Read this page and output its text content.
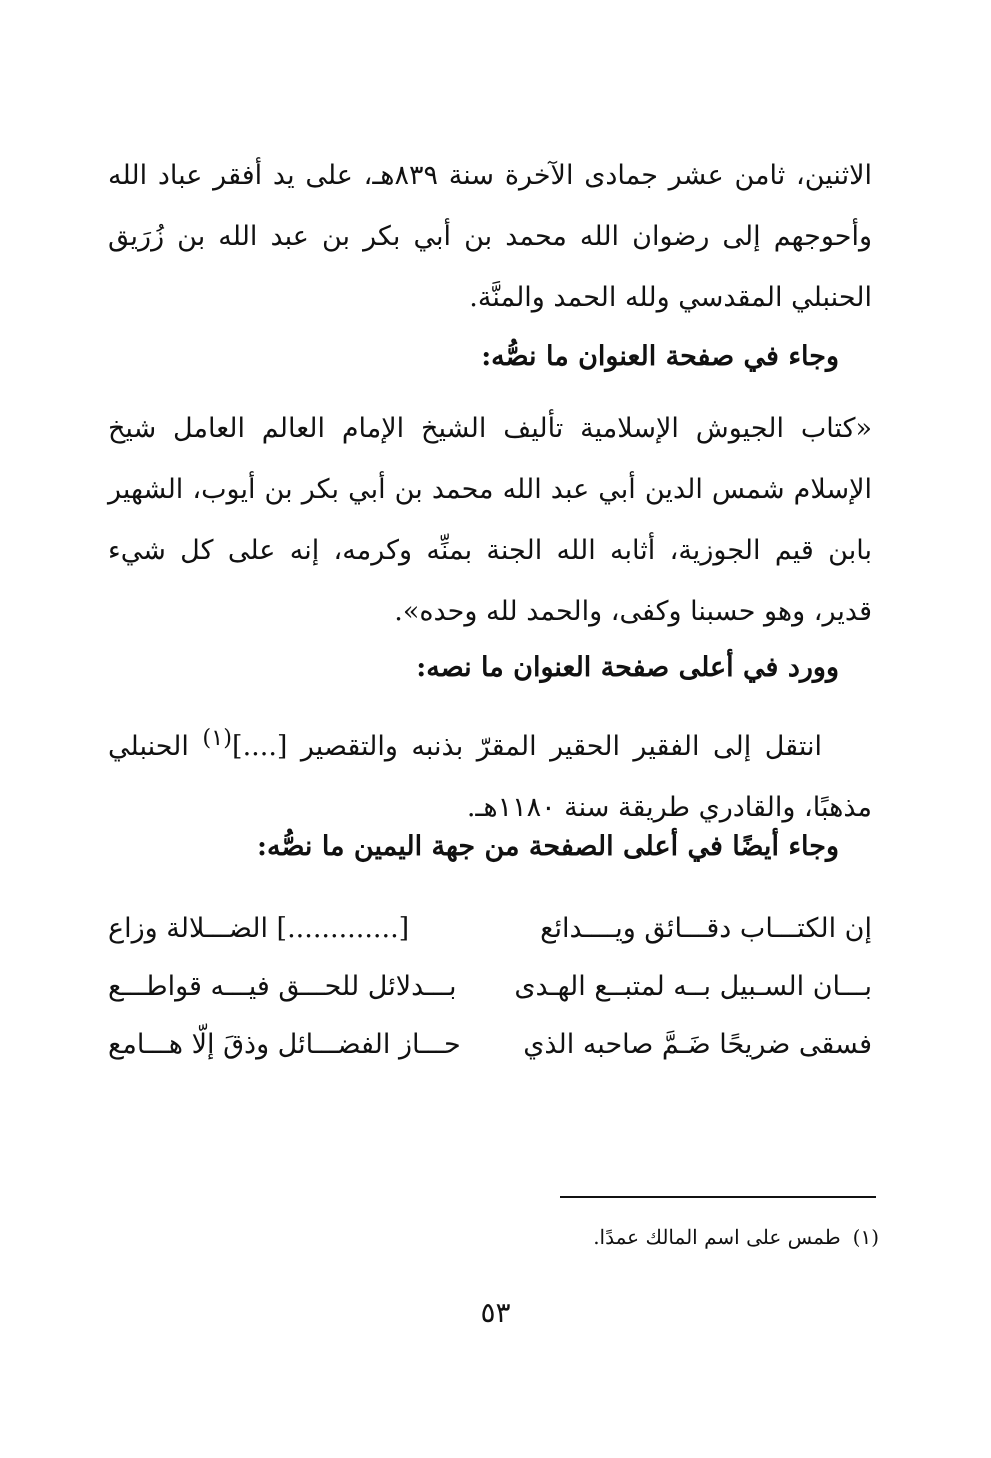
الاثنين، ثامن عشر جمادى الآخرة سنة ٨٣٩هـ، على يد أفقر عباد الله وأحوجهم إلى رضوان الله محمد بن أبي بكر بن عبد الله بن زُرَيق الحنبلي المقدسي ولله الحمد والمنَّة.

وجاء في صفحة العنوان ما نصُّه:

«كتاب الجيوش الإسلامية تأليف الشيخ الإمام العالم العامل شيخ الإسلام شمس الدين أبي عبد الله محمد بن أبي بكر بن أيوب، الشهير بابن قيم الجوزية، أثابه الله الجنة بمنِّه وكرمه، إنه على كل شيء قدير، وهو حسبنا وكفى، والحمد لله وحده».

وورد في أعلى صفحة العنوان ما نصه:

انتقل إلى الفقير الحقير المقرّ بذنبه والتقصير [....]$^{(١)}$ الحنبلي مذهبًا، والقادري طريقة سنة ١١٨٠هـ.

وجاء أيضًا في أعلى الصفحة من جهة اليمين ما نصُّه:

إن الكتـــاب دقـــائق ويــــدائع
[.............] الضـــلالة وزاع
بـــان السـبيل بــه لمتبــع الهـدى
بـــدلائل للحـــق فيـــه قواطـــع
فسقى ضريحًا ضَـمَّ صاحبه الذي
حـــاز الفضـــائل وذقَ إلّا هـــامع
(١)طمس على اسم المالك عمدًا.
٥٣
